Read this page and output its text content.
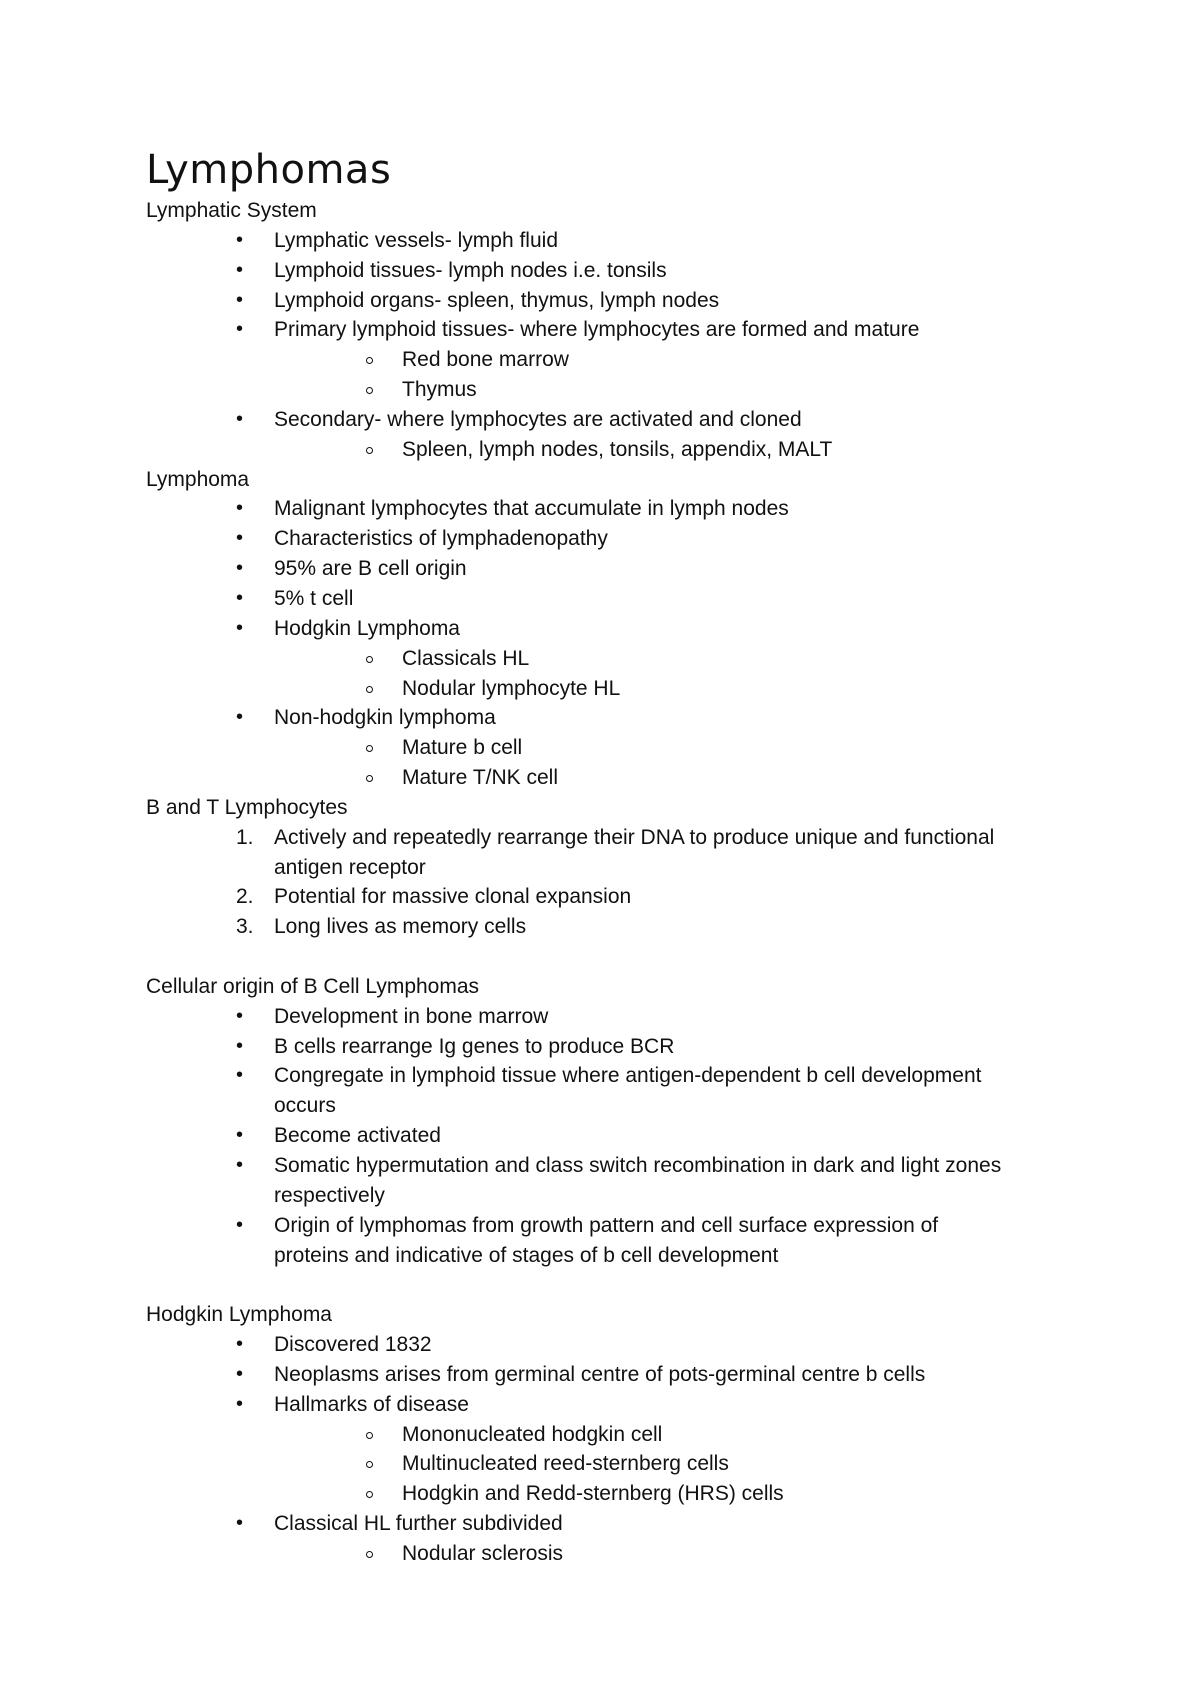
Lymphomas
Lymphatic System
• Lymphatic vessels- lymph fluid
• Lymphoid tissues- lymph nodes i.e. tonsils
• Lymphoid organs- spleen, thymus, lymph nodes
• Primary lymphoid tissues- where lymphocytes are formed and mature
Red bone marrow
Thymus
• Secondary- where lymphocytes are activated and cloned
Spleen, lymph nodes, tonsils, appendix, MALT
Lymphoma
• Malignant lymphocytes that accumulate in lymph nodes
• Characteristics of lymphadenopathy
• 95% are B cell origin
• 5% t cell
• Hodgkin Lymphoma
Classicals HL
Nodular lymphocyte HL
• Non-hodgkin lymphoma
Mature b cell
Mature T/NK cell
B and T Lymphocytes
1. Actively and repeatedly rearrange their DNA to produce unique and functional
antigen receptor
2. Potential for massive clonal expansion
3. Long lives as memory cells
Cellular origin of B Cell Lymphomas
• Development in bone marrow
• B cells rearrange Ig genes to produce BCR
• Congregate in lymphoid tissue where antigen-dependent b cell development
occurs
• Become activated
• Somatic hypermutation and class switch recombination in dark and light zones
respectively
• Origin of lymphomas from growth pattern and cell surface expression of
proteins and indicative of stages of b cell development
Hodgkin Lymphoma
• Discovered 1832
• Neoplasms arises from germinal centre of pots-germinal centre b cells
• Hallmarks of disease
Mononucleated hodgkin cell
Multinucleated reed-sternberg cells
Hodgkin and Redd-sternberg (HRS) cells
• Classical HL further subdivided
Nodular sclerosis
